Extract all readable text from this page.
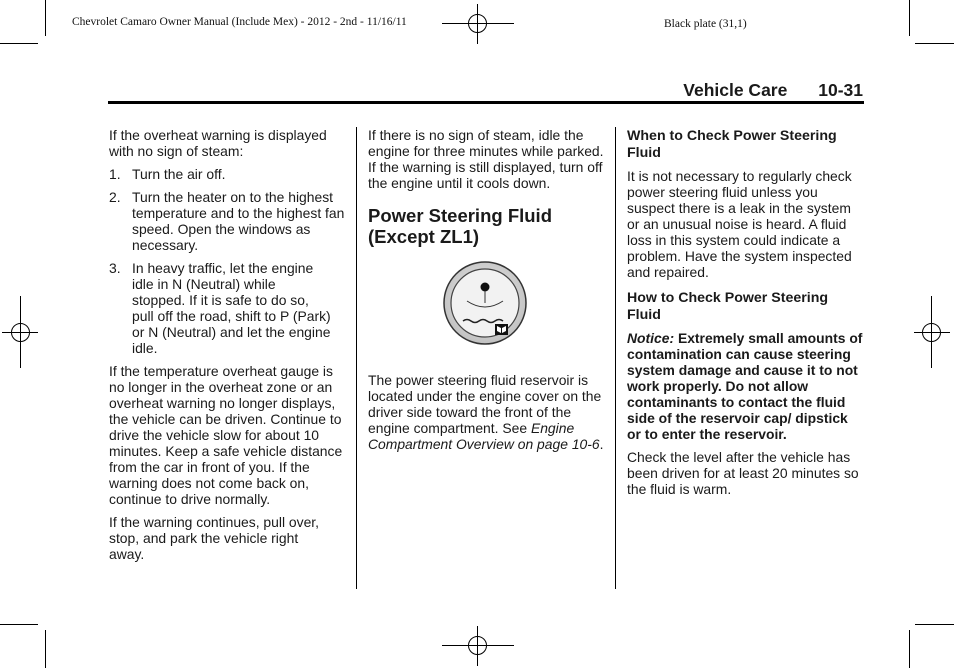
Chevrolet Camaro Owner Manual (Include Mex) - 2012 - 2nd - 11/16/11	Black plate (31,1)
Vehicle Care 10-31

If the overheat warning is displayed with no sign of steam:

1. Turn the air off.
2. Turn the heater on to the highest temperature and to the highest fan speed. Open the windows as necessary.
3. In heavy traffic, let the engine idle in N (Neutral) while stopped. If it is safe to do so, pull off the road, shift to P (Park) or N (Neutral) and let the engine idle.

If the temperature overheat gauge is no longer in the overheat zone or an overheat warning no longer displays, the vehicle can be driven. Continue to drive the vehicle slow for about 10 minutes. Keep a safe vehicle distance from the car in front of you. If the warning does not come back on, continue to drive normally.

If the warning continues, pull over, stop, and park the vehicle right away.

If there is no sign of steam, idle the engine for three minutes while parked. If the warning is still displayed, turn off the engine until it cools down.

Power Steering Fluid (Except ZL1)

The power steering fluid reservoir is located under the engine cover on the driver side toward the front of the engine compartment. See Engine Compartment Overview on page 10-6.

When to Check Power Steering Fluid

It is not necessary to regularly check power steering fluid unless you suspect there is a leak in the system or an unusual noise is heard. A fluid loss in this system could indicate a problem. Have the system inspected and repaired.

How to Check Power Steering Fluid

Notice: Extremely small amounts of contamination can cause steering system damage and cause it to not work properly. Do not allow contaminants to contact the fluid side of the reservoir cap/ dipstick or to enter the reservoir.

Check the level after the vehicle has been driven for at least 20 minutes so the fluid is warm.
